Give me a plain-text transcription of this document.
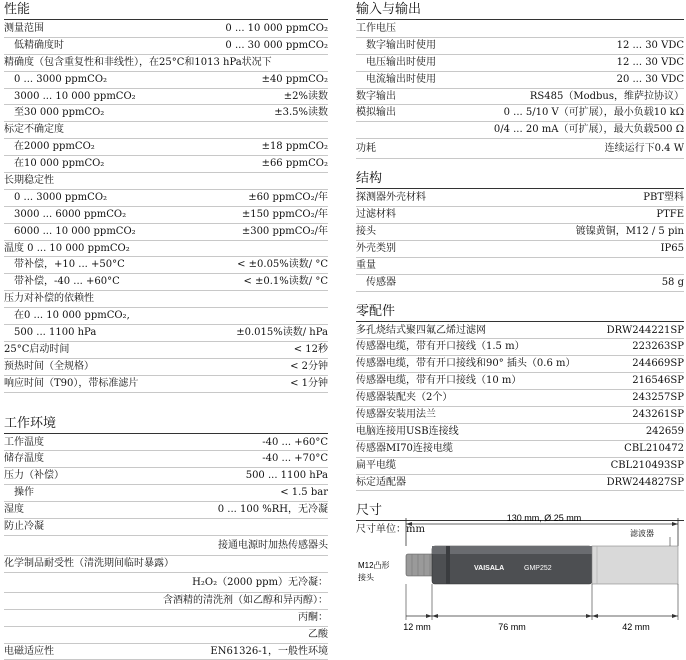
性能
测量范围	0 ... 10 000 ppmCO₂
低精确度时	0 ... 30 000 ppmCO₂
精确度（包含重复性和非线性），在25°C和1013 hPa状况下
0 ... 3000 ppmCO₂	±40 ppmCO₂
3000 ... 10 000 ppmCO₂	±2%读数
至30 000 ppmCO₂	±3.5%读数
标定不确定度
在2000 ppmCO₂	±18 ppmCO₂
在10 000 ppmCO₂	±66 ppmCO₂
长期稳定性
0 ... 3000 ppmCO₂	±60 ppmCO₂/年
3000 ... 6000 ppmCO₂	±150 ppmCO₂/年
6000 ... 10 000 ppmCO₂	±300 ppmCO₂/年
温度 0 ... 10 000 ppmCO₂
带补偿，+10 ... +50°C	< ±0.05%读数/ °C
带补偿，-40 ... +60°C	< ±0.1%读数/ °C
压力对补偿的依赖性
在0 ... 10 000 ppmCO₂,
500 ... 1100 hPa	±0.015%读数/ hPa
25°C启动时间	< 12秒
预热时间（全规格）	< 2分钟
响应时间（T90），带标准滤片	< 1分钟
工作环境
工作温度	-40 ... +60°C
储存温度	-40 ... +70°C
压力（补偿）	500 ... 1100 hPa
操作	< 1.5 bar
湿度	0 ... 100 %RH，无冷凝
防止冷凝
接通电源时加热传感器头
化学制品耐受性（清洗期间临时暴露）
H₂O₂（2000 ppm）无冷凝：
含酒精的清洗剂（如乙醇和异丙醇）：
丙酮：
乙酸
电磁适应性	EN61326-1，一般性环境
输入与输出
工作电压
数字输出时使用	12 ... 30 VDC
电压输出时使用	12 ... 30 VDC
电流输出时使用	20 ... 30 VDC
数字输出	RS485（Modbus，维萨拉协议）
模拟输出	0 ... 5/10 V（可扩展），最小负载10 kΩ
0/4 ... 20 mA（可扩展），最大负载500 Ω
功耗	连续运行下0.4 W
结构
探测器外壳材料	PBT塑料
过滤材料	PTFE
接头	镀镍黄铜，M12 / 5 pin
外壳类别	IP65
重量
传感器	58 g
零配件
多孔烧结式聚四氟乙烯过滤网	DRW244221SP
传感器电缆，带有开口接线（1.5 m）	223263SP
传感器电缆，带有开口接线和90° 插头（0.6 m）	244669SP
传感器电缆，带有开口接线（10 m）	216546SP
传感器装配夹（2个）	243257SP
传感器安装用法兰	243261SP
电脑连接用USB连接线	242659
传感器MI70连接电缆	CBL210472
扁平电缆	CBL210493SP
标定适配器	DRW244827SP
尺寸
尺寸单位：mm
130 mm, Ø 25 mm
M12凸形
接头
VAISALA	GMP252
滤波器
12 mm	76 mm	42 mm
